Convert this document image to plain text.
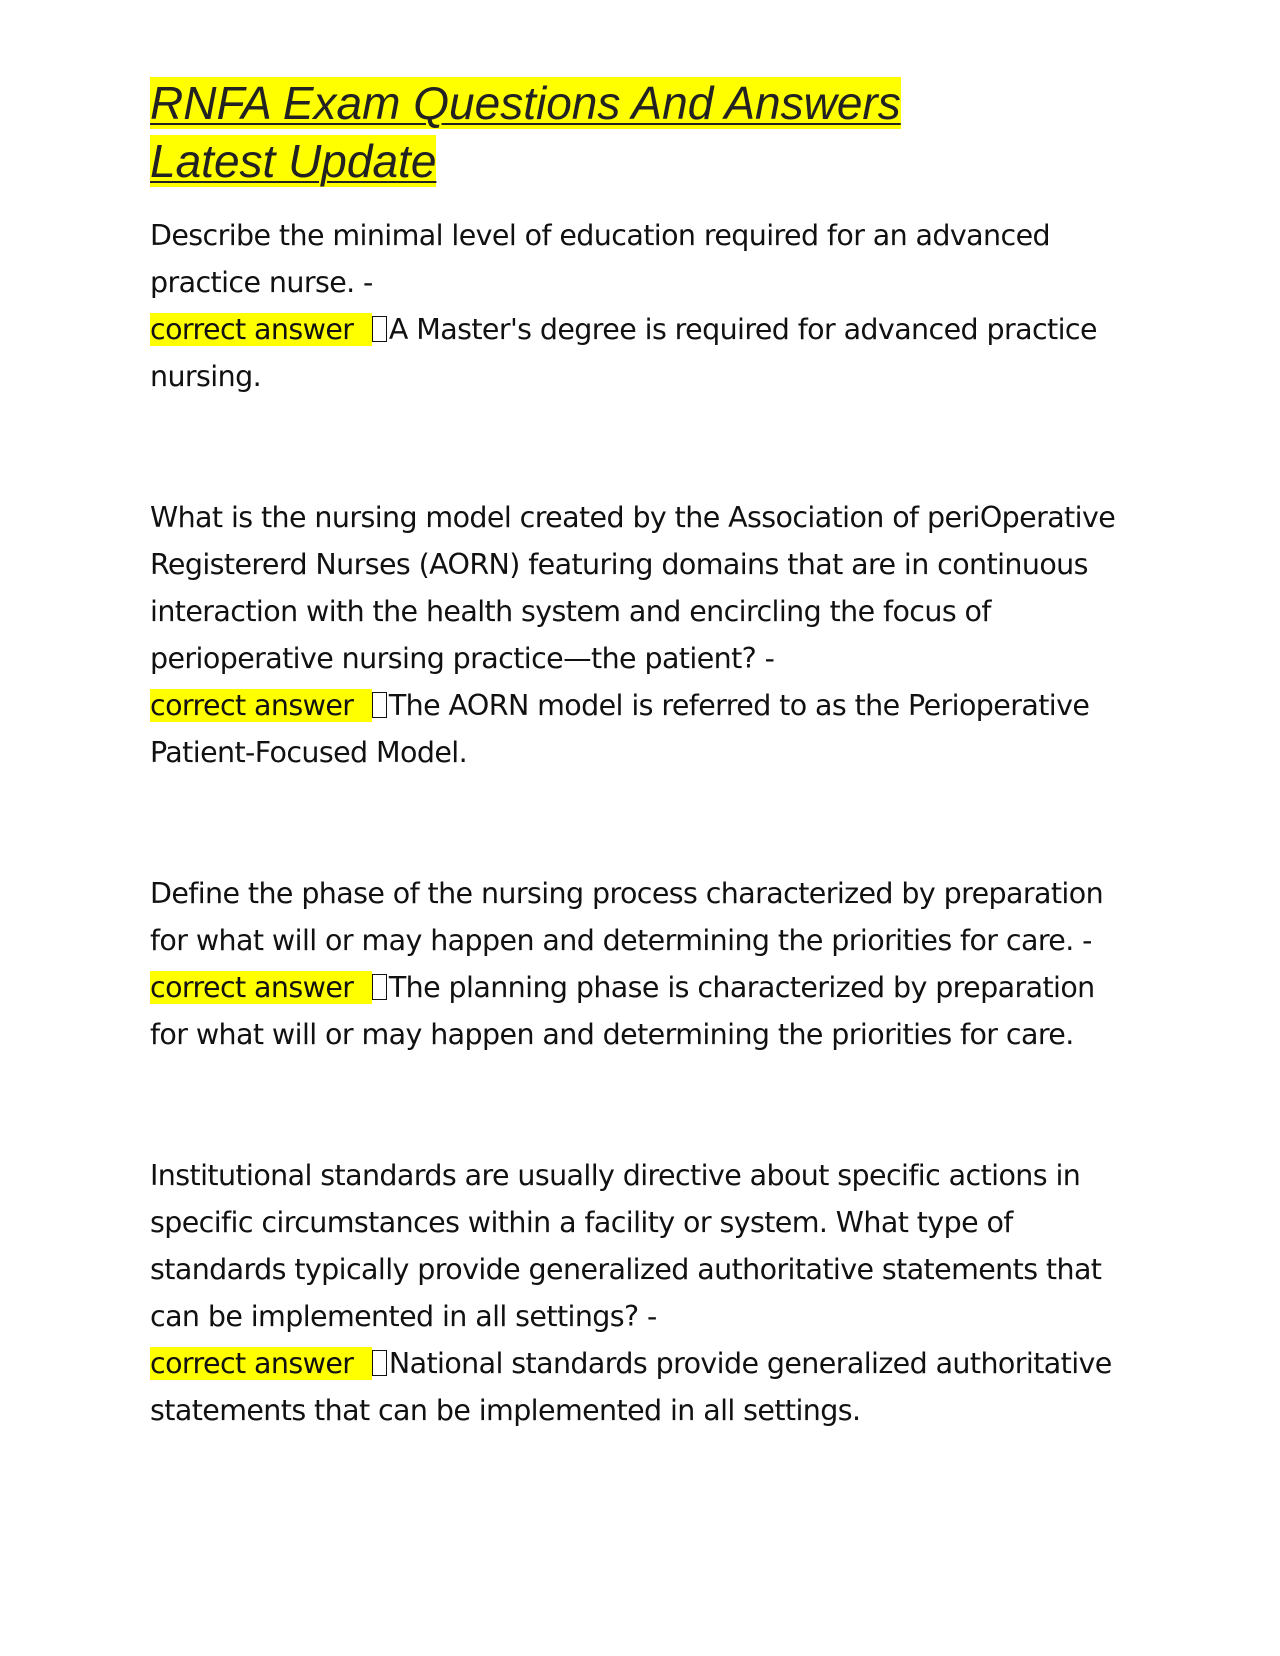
RNFA Exam Questions And Answers
Latest Update

Describe the minimal level of education required for an advanced practice nurse. -

correct answer A Master's degree is required for advanced practice nursing.

What is the nursing model created by the Association of periOperative Registererd Nurses (AORN) featuring domains that are in continuous interaction with the health system and encircling the focus of perioperative nursing practice—the patient? -

correct answer The AORN model is referred to as the Perioperative Patient-Focused Model.

Define the phase of the nursing process characterized by preparation for what will or may happen and determining the priorities for care. -

correct answer The planning phase is characterized by preparation for what will or may happen and determining the priorities for care.

Institutional standards are usually directive about specific actions in specific circumstances within a facility or system. What type of standards typically provide generalized authoritative statements that can be implemented in all settings? -

correct answer National standards provide generalized authoritative statements that can be implemented in all settings.
